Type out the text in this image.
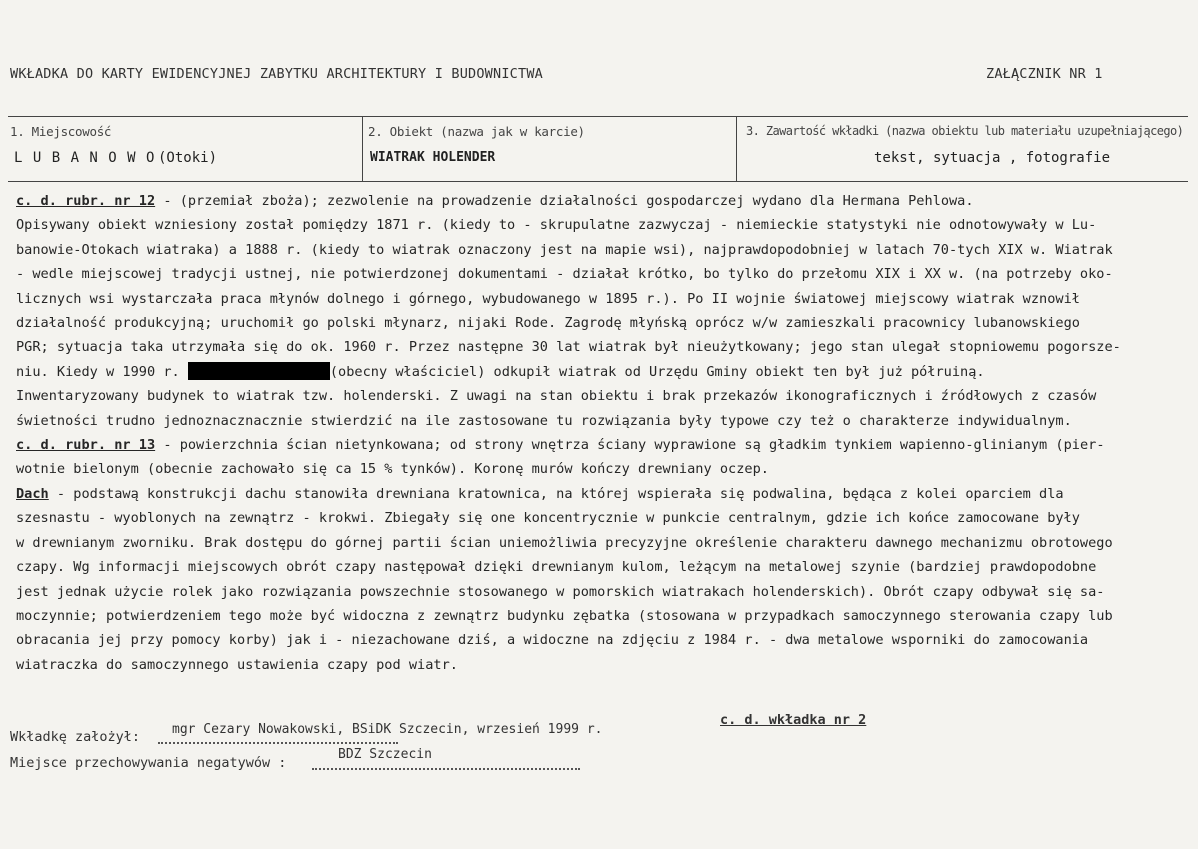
WKŁADKA DO KARTY EWIDENCYJNEJ ZABYTKU ARCHITEKTURY I BUDOWNICTWA	ZAŁĄCZNIK NR 1
1. Miejscowość
L U B A N O W O (Otoki)
2. Obiekt (nazwa jak w karcie)
WIATRAK HOLENDER
3. Zawartość wkładki (nazwa obiektu lub materiału uzupełniającego)
tekst, sytuacja , fotografie
c. d. rubr. nr 12 - (przemiał zboża); zezwolenie na prowadzenie działalności gospodarczej wydano dla Hermana Pehlowa.
Opisywany obiekt wzniesiony został pomiędzy 1871 r. (kiedy to - skrupulatne zazwyczaj - niemieckie statystyki nie odnotowywały w Lu-
banowie-Otokach wiatraka) a 1888 r. (kiedy to wiatrak oznaczony jest na mapie wsi), najprawdopodobniej w latach 70-tych XIX w. Wiatrak
- wedle miejscowej tradycji ustnej, nie potwierdzonej dokumentami - działał krótko, bo tylko do przełomu XIX i XX w. (na potrzeby oko-
licznych wsi wystarczała praca młynów dolnego i górnego, wybudowanego w 1895 r.). Po II wojnie światowej miejscowy wiatrak wznowił
działalność produkcyjną; uruchomił go polski młynarz, nijaki Rode. Zagrodę młyńską oprócz w/w zamieszkali pracownicy lubanowskiego
PGR; sytuacja taka utrzymała się do ok. 1960 r. Przez następne 30 lat wiatrak był nieużytkowany; jego stan ulegał stopniowemu pogorsze-
niu. Kiedy w 1990 r.	(obecny właściciel) odkupił wiatrak od Urzędu Gminy obiekt ten był już półruiną.
Inwentaryzowany budynek to wiatrak tzw. holenderski. Z uwagi na stan obiektu i brak przekazów ikonograficznych i źródłowych z czasów
świetności trudno jednoznacznacznie stwierdzić na ile zastosowane tu rozwiązania były typowe czy też o charakterze indywidualnym.
c. d. rubr. nr 13 - powierzchnia ścian nietynkowana; od strony wnętrza ściany wyprawione są gładkim tynkiem wapienno-glinianym (pier-
wotnie bielonym (obecnie zachowało się ca 15 % tynków). Koronę murów kończy drewniany oczep.
Dach - podstawą konstrukcji dachu stanowiła drewniana kratownica, na której wspierała się podwalina, będąca z kolei oparciem dla
szesnastu - wyoblonych na zewnątrz - krokwi. Zbiegały się one koncentrycznie w punkcie centralnym, gdzie ich końce zamocowane były
w drewnianym zworniku. Brak dostępu do górnej partii ścian uniemożliwia precyzyjne określenie charakteru dawnego mechanizmu obrotowego
czapy. Wg informacji miejscowych obrót czapy następował dzięki drewnianym kulom, leżącym na metalowej szynie (bardziej prawdopodobne
jest jednak użycie rolek jako rozwiązania powszechnie stosowanego w pomorskich wiatrakach holenderskich). Obrót czapy odbywał się sa-
moczynnie; potwierdzeniem tego może być widoczna z zewnątrz budynku zębatka (stosowana w przypadkach samoczynnego sterowania czapy lub
obracania jej przy pomocy korby) jak i - niezachowane dziś, a widoczne na zdjęciu z 1984 r. - dwa metalowe wsporniki do zamocowania
wiatraczka do samoczynnego ustawienia czapy pod wiatr.
Wkładkę założył: mgr Cezary Nowakowski, BSiDK Szczecin, wrzesień 1999 r.
c. d. wkładka nr 2
Miejsce przechowywania negatywów :
BDZ Szczecin
